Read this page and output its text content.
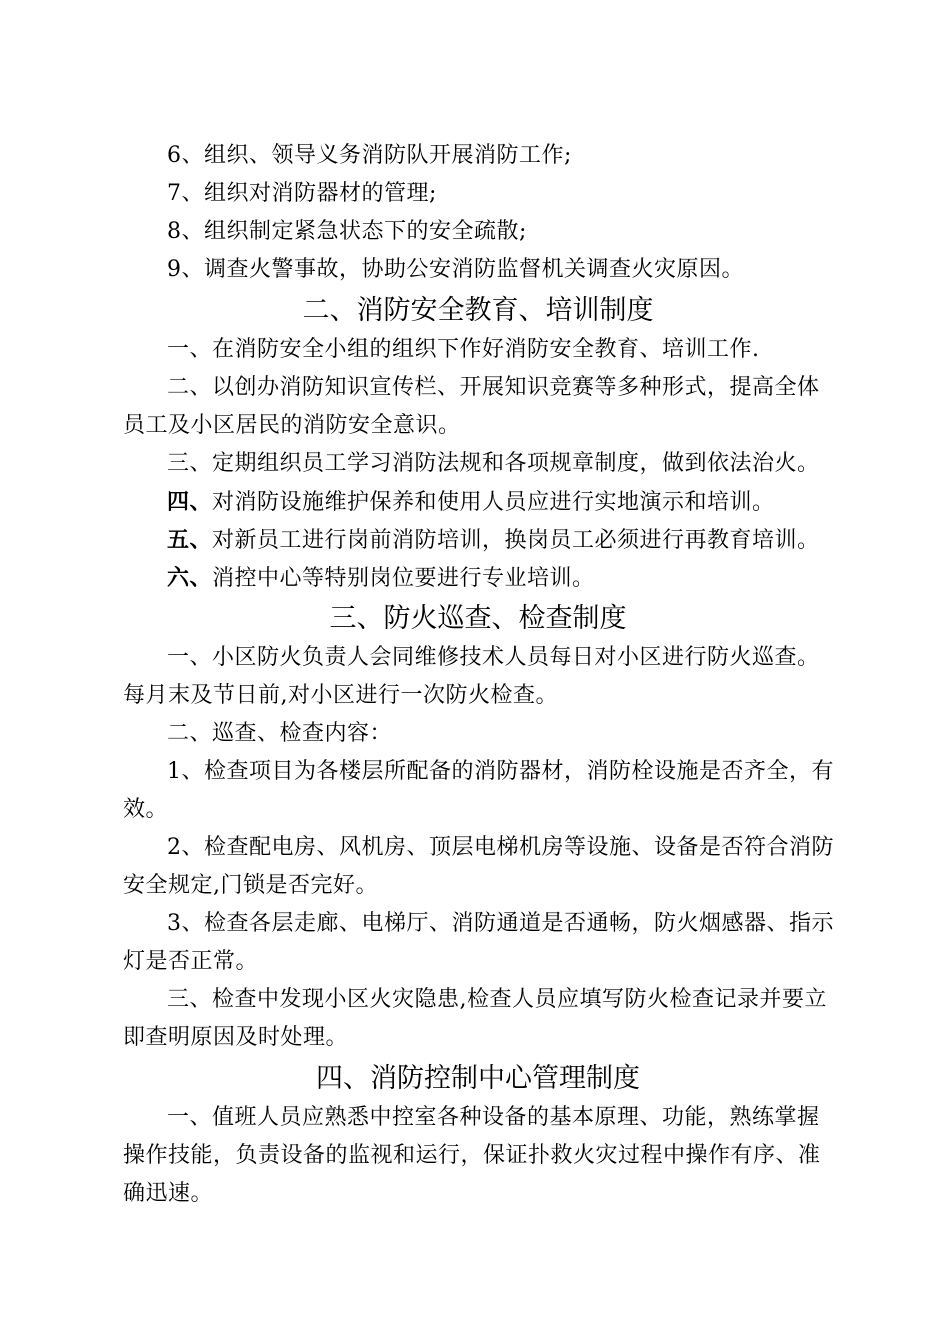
6、组织、领导义务消防队开展消防工作;
7、组织对消防器材的管理;
8、组织制定紧急状态下的安全疏散;
9、调查火警事故，协助公安消防监督机关调查火灾原因。
二、消防安全教育、培训制度
一、在消防安全小组的组织下作好消防安全教育、培训工作.
二、以创办消防知识宣传栏、开展知识竞赛等多种形式，提高全体
员工及小区居民的消防安全意识。
三、定期组织员工学习消防法规和各项规章制度，做到依法治火。
四、对消防设施维护保养和使用人员应进行实地演示和培训。
五、对新员工进行岗前消防培训，换岗员工必须进行再教育培训。
六、消控中心等特别岗位要进行专业培训。
三、防火巡查、检查制度
一、小区防火负责人会同维修技术人员每日对小区进行防火巡查。
每月末及节日前,对小区进行一次防火检查。
二、巡查、检查内容：
1、检查项目为各楼层所配备的消防器材，消防栓设施是否齐全，有
效。
2、检查配电房、风机房、顶层电梯机房等设施、设备是否符合消防
安全规定,门锁是否完好。
3、检查各层走廊、电梯厅、消防通道是否通畅，防火烟感器、指示
灯是否正常。
三、检查中发现小区火灾隐患,检查人员应填写防火检查记录并要立
即查明原因及时处理。
四、消防控制中心管理制度
一、值班人员应熟悉中控室各种设备的基本原理、功能，熟练掌握
操作技能，负责设备的监视和运行，保证扑救火灾过程中操作有序、准
确迅速。
